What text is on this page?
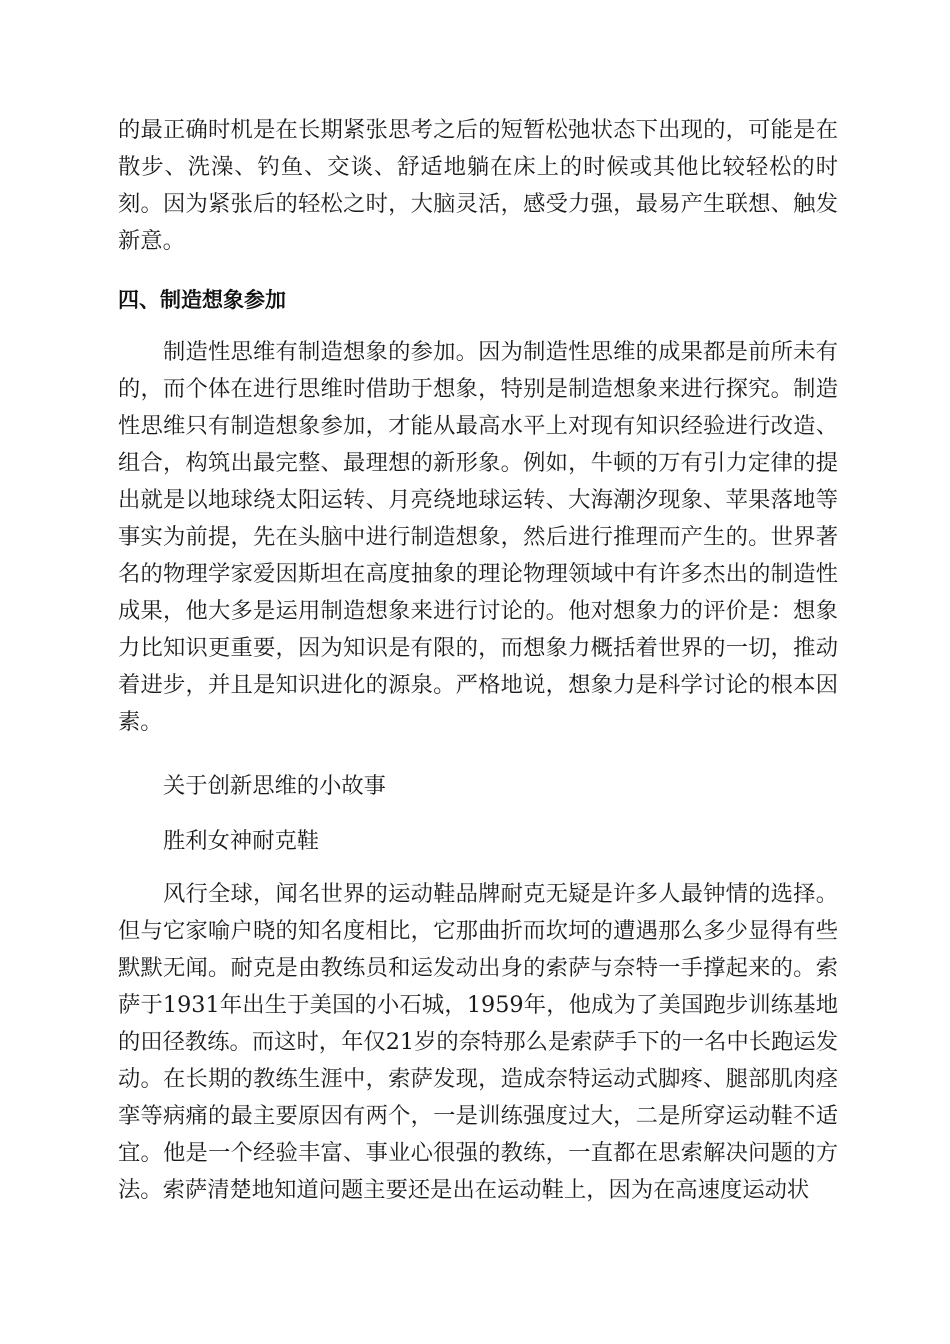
的最正确时机是在长期紧张思考之后的短暂松弛状态下出现的，可能是在散步、洗澡、钓鱼、交谈、舒适地躺在床上的时候或其他比较轻松的时刻。因为紧张后的轻松之时，大脑灵活，感受力强，最易产生联想、触发新意。

四、制造想象参加

制造性思维有制造想象的参加。因为制造性思维的成果都是前所未有的，而个体在进行思维时借助于想象，特别是制造想象来进行探究。制造性思维只有制造想象参加，才能从最高水平上对现有知识经验进行改造、组合，构筑出最完整、最理想的新形象。例如，牛顿的万有引力定律的提出就是以地球绕太阳运转、月亮绕地球运转、大海潮汐现象、苹果落地等事实为前提，先在头脑中进行制造想象，然后进行推理而产生的。世界著名的物理学家爱因斯坦在高度抽象的理论物理领域中有许多杰出的制造性成果，他大多是运用制造想象来进行讨论的。他对想象力的评价是：想象力比知识更重要，因为知识是有限的，而想象力概括着世界的一切，推动着进步，并且是知识进化的源泉。严格地说，想象力是科学讨论的根本因素。

关于创新思维的小故事

胜利女神耐克鞋

风行全球，闻名世界的运动鞋品牌耐克无疑是许多人最钟情的选择。但与它家喻户晓的知名度相比，它那曲折而坎坷的遭遇那么多少显得有些默默无闻。耐克是由教练员和运发动出身的索萨与奈特一手撑起来的。索萨于1931年出生于美国的小石城，1959年，他成为了美国跑步训练基地的田径教练。而这时，年仅21岁的奈特那么是索萨手下的一名中长跑运发动。在长期的教练生涯中，索萨发现，造成奈特运动式脚疼、腿部肌肉痉挛等病痛的最主要原因有两个，一是训练强度过大，二是所穿运动鞋不适宜。他是一个经验丰富、事业心很强的教练，一直都在思索解决问题的方法。索萨清楚地知道问题主要还是出在运动鞋上，因为在高速度运动状
